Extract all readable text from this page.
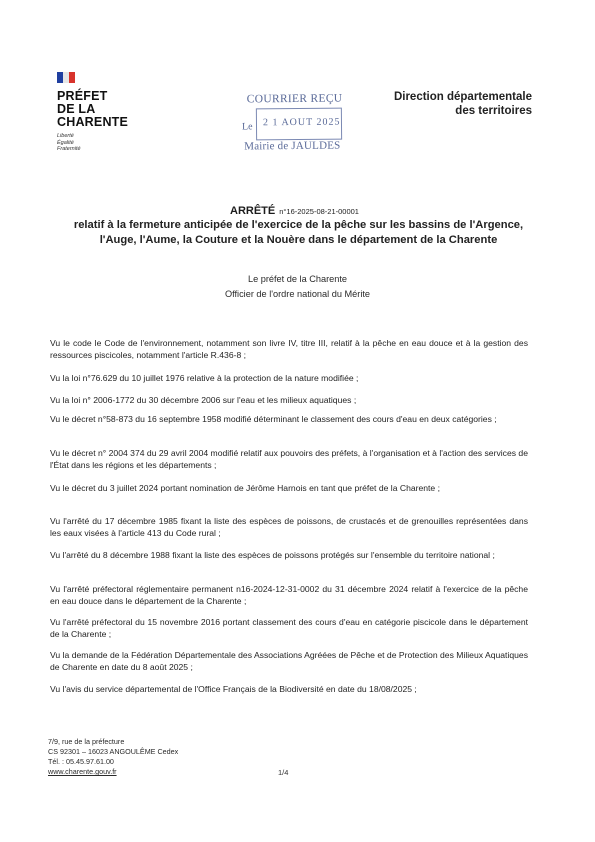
PRÉFET
DE LA
CHARENTE
Liberté
Égalité
Fraternité
COURRIER REÇU
Le 2 1 AOUT 2025
Mairie de JAULDES
Direction départementale
des territoires
ARRÊTÉ n°16-2025-08-21-00001
relatif à la fermeture anticipée de l'exercice de la pêche sur les bassins de l'Argence,
l'Auge, l'Aume, la Couture et la Nouère dans le département de la Charente
Le préfet de la Charente
Officier de l'ordre national du Mérite
Vu le code le Code de l'environnement, notamment son livre IV, titre III, relatif à la pêche en eau douce et à la gestion des ressources piscicoles, notamment l'article R.436-8 ;
Vu la loi n°76.629 du 10 juillet 1976 relative à la protection de la nature modifiée ;
Vu la loi n° 2006-1772 du 30 décembre 2006 sur l'eau et les milieux aquatiques ;
Vu le décret n°58-873 du 16 septembre 1958 modifié déterminant le classement des cours d'eau en deux catégories ;
Vu le décret n° 2004 374 du 29 avril 2004 modifié relatif aux pouvoirs des préfets, à l'organisation et à l'action des services de l'État dans les régions et les départements ;
Vu le décret du 3 juillet 2024 portant nomination de Jérôme Harnois en tant que préfet de la Charente ;
Vu l'arrêté du 17 décembre 1985 fixant la liste des espèces de poissons, de crustacés et de grenouilles représentées dans les eaux visées à l'article 413 du Code rural ;
Vu l'arrêté du 8 décembre 1988 fixant la liste des espèces de poissons protégés sur l'ensemble du territoire national ;
Vu l'arrêté préfectoral réglementaire permanent n16-2024-12-31-0002 du 31 décembre 2024 relatif à l'exercice de la pêche en eau douce dans le département de la Charente ;
Vu l'arrêté préfectoral du 15 novembre 2016 portant classement des cours d'eau en catégorie piscicole dans le département de la Charente ;
Vu la demande de la Fédération Départementale des Associations Agréées de Pêche et de Protection des Milieux Aquatiques de Charente en date du 8 août 2025 ;
Vu l'avis du service départemental de l'Office Français de la Biodiversité en date du 18/08/2025 ;
7/9, rue de la préfecture
CS 92301 – 16023 ANGOULÊME Cedex
Tél. : 05.45.97.61.00
www.charente.gouv.fr	1/4
